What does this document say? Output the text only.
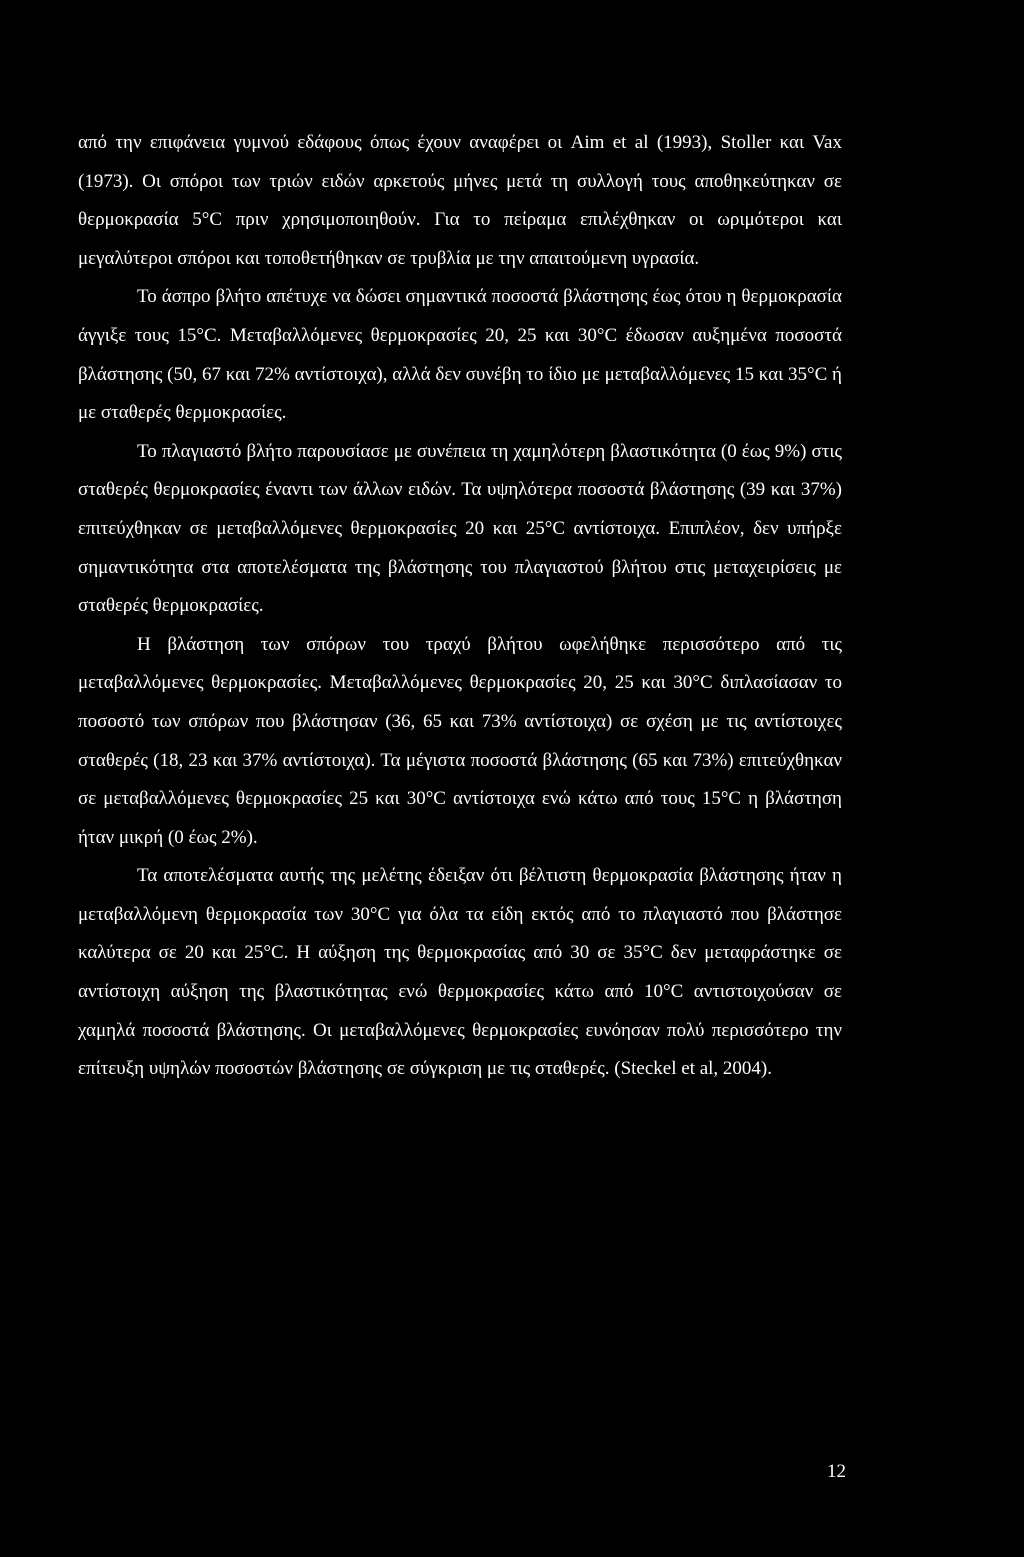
από την επιφάνεια γυμνού εδάφους όπως έχουν αναφέρει οι Aim et al (1993), Stoller και Vax (1973). Οι σπόροι των τριών ειδών αρκετούς μήνες μετά τη συλλογή τους αποθηκεύτηκαν σε θερμοκρασία 5°C πριν χρησιμοποιηθούν. Για το πείραμα επιλέχθηκαν οι ωριμότεροι και μεγαλύτεροι σπόροι και τοποθετήθηκαν σε τρυβλία με την απαιτούμενη υγρασία.

Το άσπρο βλήτο απέτυχε να δώσει σημαντικά ποσοστά βλάστησης έως ότου η θερμοκρασία άγγιξε τους 15°C. Μεταβαλλόμενες θερμοκρασίες 20, 25 και 30°C έδωσαν αυξημένα ποσοστά βλάστησης (50, 67 και 72% αντίστοιχα), αλλά δεν συνέβη το ίδιο με μεταβαλλόμενες 15 και 35°C ή με σταθερές θερμοκρασίες.

Το πλαγιαστό βλήτο παρουσίασε με συνέπεια τη χαμηλότερη βλαστικότητα (0 έως 9%) στις σταθερές θερμοκρασίες έναντι των άλλων ειδών. Τα υψηλότερα ποσοστά βλάστησης (39 και 37%) επιτεύχθηκαν σε μεταβαλλόμενες θερμοκρασίες 20 και 25°C αντίστοιχα. Επιπλέον, δεν υπήρξε σημαντικότητα στα αποτελέσματα της βλάστησης του πλαγιαστού βλήτου στις μεταχειρίσεις με σταθερές θερμοκρασίες.

Η βλάστηση των σπόρων του τραχύ βλήτου ωφελήθηκε περισσότερο από τις μεταβαλλόμενες θερμοκρασίες. Μεταβαλλόμενες θερμοκρασίες 20, 25 και 30°C διπλασίασαν το ποσοστό των σπόρων που βλάστησαν (36, 65 και 73% αντίστοιχα) σε σχέση με τις αντίστοιχες σταθερές (18, 23 και 37% αντίστοιχα). Τα μέγιστα ποσοστά βλάστησης (65 και 73%) επιτεύχθηκαν σε μεταβαλλόμενες θερμοκρασίες 25 και 30°C αντίστοιχα ενώ κάτω από τους 15°C η βλάστηση ήταν μικρή (0 έως 2%).

Τα αποτελέσματα αυτής της μελέτης έδειξαν ότι βέλτιστη θερμοκρασία βλάστησης ήταν η μεταβαλλόμενη θερμοκρασία των 30°C για όλα τα είδη εκτός από το πλαγιαστό που βλάστησε καλύτερα σε 20 και 25°C. Η αύξηση της θερμοκρασίας από 30 σε 35°C δεν μεταφράστηκε σε αντίστοιχη αύξηση της βλαστικότητας ενώ θερμοκρασίες κάτω από 10°C αντιστοιχούσαν σε χαμηλά ποσοστά βλάστησης. Οι μεταβαλλόμενες θερμοκρασίες ευνόησαν πολύ περισσότερο την επίτευξη υψηλών ποσοστών βλάστησης σε σύγκριση με τις σταθερές. (Steckel et al, 2004).

12
